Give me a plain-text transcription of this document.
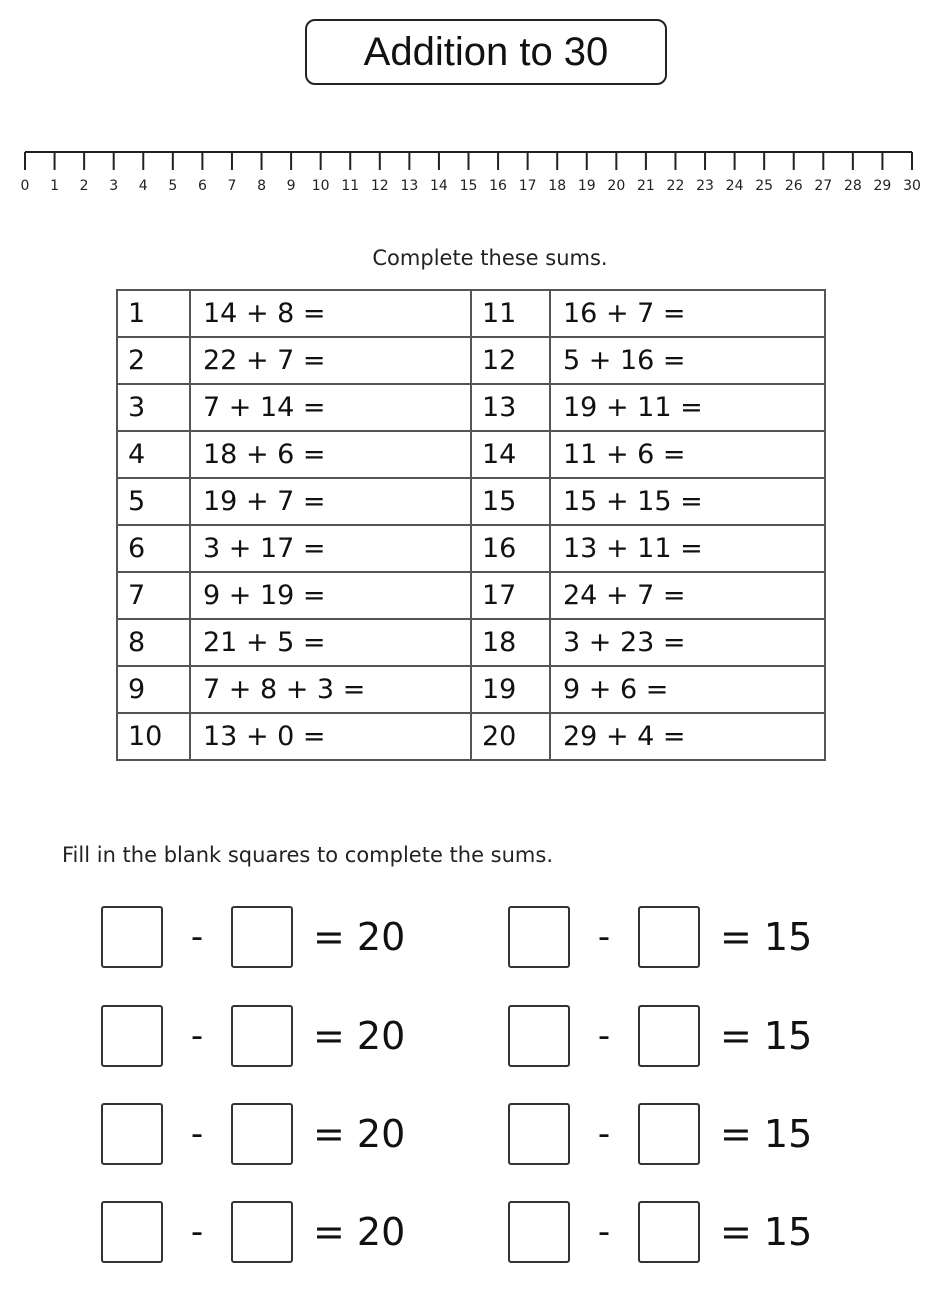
Addition to 30
0 1 2 3 4 5 6 7 8 9 10 11 12 13 14 15 16 17 18 19 20 21 22 23 24 25 26 27 28 29 30
Complete these sums.
1	14 + 8 =	11	16 + 7 =
2	22 + 7 =	12	5 + 16 =
3	7 + 14 =	13	19 + 11 =
4	18 + 6 =	14	11 + 6 =
5	19 + 7 =	15	15 + 15 =
6	3 + 17 =	16	13 + 11 =
7	9 + 19 =	17	24 + 7 =
8	21 + 5 =	18	3 + 23 =
9	7 + 8 + 3 =	19	9 + 6 =
10	13 + 0 =	20	29 + 4 =
Fill in the blank squares to complete the sums.
-	= 20
-	= 20
-	= 20
-	= 20
-	= 15
-	= 15
-	= 15
-	= 15
